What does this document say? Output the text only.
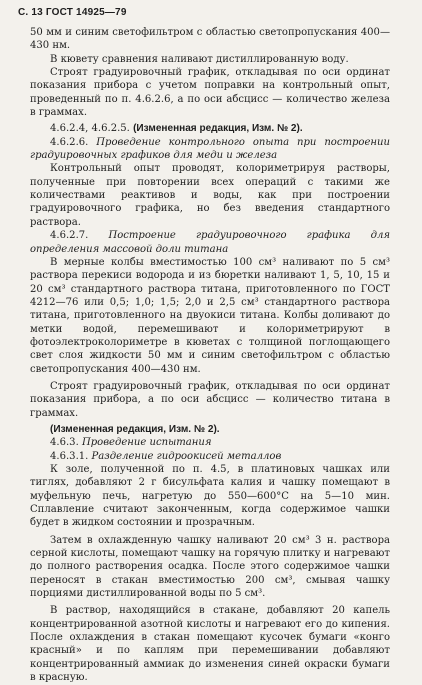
С. 13 ГОСТ 14925—79

50 мм и синим светофильтром с областью светопропускания 400—430 нм.

В кювету сравнения наливают дистиллированную воду.

Строят градуировочный график, откладывая по оси ординат показания прибора с учетом поправки на контрольный опыт, проведенный по п. 4.6.2.6, а по оси абсцисс — количество железа в граммах.

4.6.2.4, 4.6.2.5. (Измененная редакция, Изм. № 2).

4.6.2.6. Проведение контрольного опыта при построении градуировочных графиков для меди и железа

Контрольный опыт проводят, колориметрируя растворы, полученные при повторении всех операций с такими же количествами реактивов и воды, как при построении градуировочного графика, но без введения стандартного раствора.

4.6.2.7. Построение градуировочного графика для определения массовой доли титана

В мерные колбы вместимостью 100 см³ наливают по 5 см³ раствора перекиси водорода и из бюретки наливают 1, 5, 10, 15 и 20 см³ стандартного раствора титана, приготовленного по ГОСТ 4212—76 или 0,5; 1,0; 1,5; 2,0 и 2,5 см³ стандартного раствора титана, приготовленного на двуокиси титана. Колбы доливают до метки водой, перемешивают и колориметрируют в фотоэлектроколориметре в кюветах с толщиной поглощающего свет слоя жидкости 50 мм и синим светофильтром с областью светопропускания 400—430 нм.

Строят градуировочный график, откладывая по оси ординат показания прибора, а по оси абсцисс — количество титана в граммах.

(Измененная редакция, Изм. № 2).

4.6.3. Проведение испытания

4.6.3.1. Разделение гидроокисей металлов

К золе, полученной по п. 4.5, в платиновых чашках или тиглях, добавляют 2 г бисульфата калия и чашку помещают в муфельную печь, нагретую до 550—600°С на 5—10 мин. Сплавление считают законченным, когда содержимое чашки будет в жидком состоянии и прозрачным.

Затем в охлажденную чашку наливают 20 см³ 3 н. раствора серной кислоты, помещают чашку на горячую плитку и нагревают до полного растворения осадка. После этого содержимое чашки переносят в стакан вместимостью 200 см³, смывая чашку порциями дистиллированной воды по 5 см³.

В раствор, находящийся в стакане, добавляют 20 капель концентрированной азотной кислоты и нагревают его до кипения. После охлаждения в стакан помещают кусочек бумаги «конго красный» и по каплям при перемешивании добавляют концентрированный аммиак до изменения синей окраски бумаги в красную.
